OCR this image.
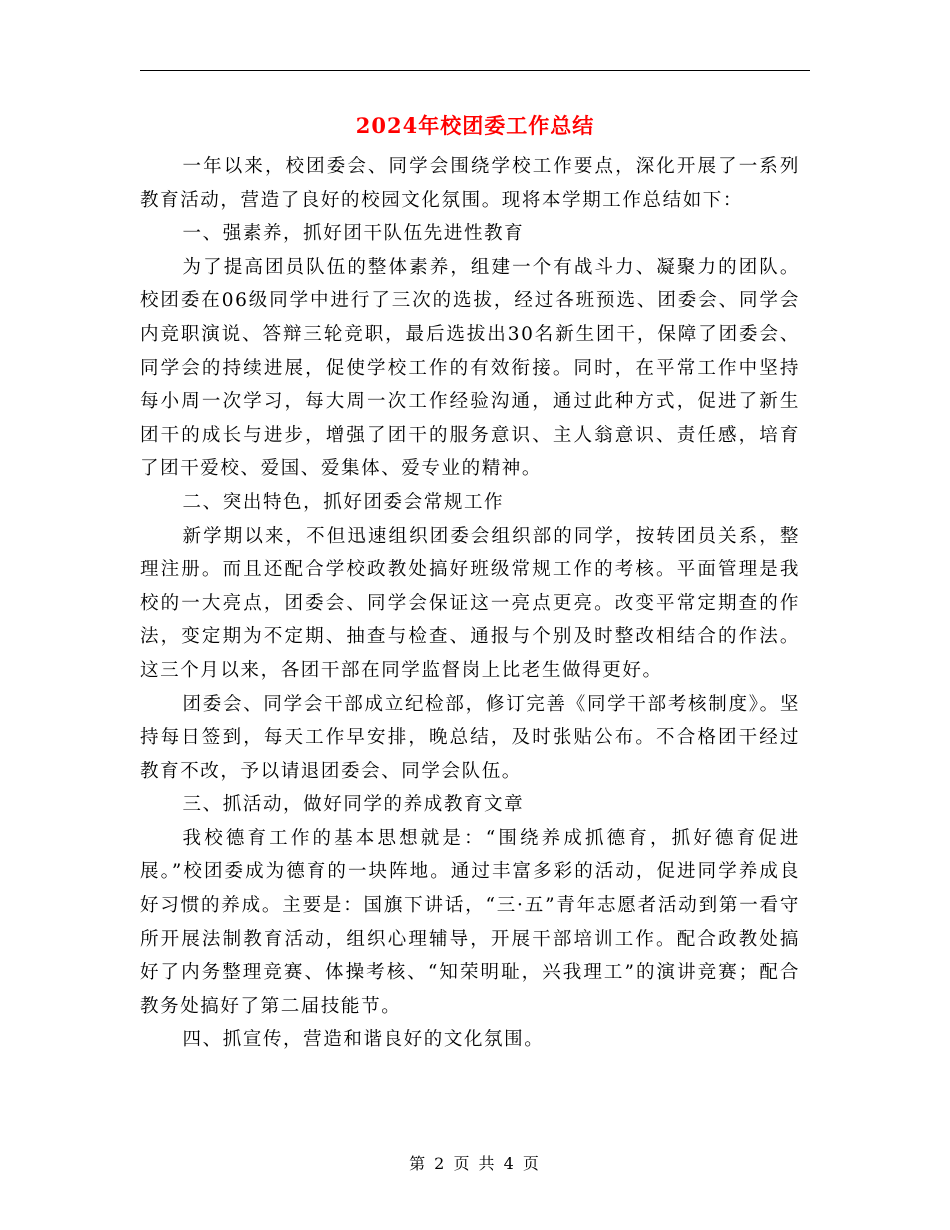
2024年校团委工作总结

一年以来，校团委会、同学会围绕学校工作要点，深化开展了一系列教育活动，营造了良好的校园文化氛围。现将本学期工作总结如下：

一、强素养，抓好团干队伍先进性教育

为了提高团员队伍的整体素养，组建一个有战斗力、凝聚力的团队。校团委在06级同学中进行了三次的选拔，经过各班预选、团委会、同学会内竞职演说、答辩三轮竞职，最后选拔出30名新生团干，保障了团委会、同学会的持续进展，促使学校工作的有效衔接。同时，在平常工作中坚持每小周一次学习，每大周一次工作经验沟通，通过此种方式，促进了新生团干的成长与进步，增强了团干的服务意识、主人翁意识、责任感，培育了团干爱校、爱国、爱集体、爱专业的精神。

二、突出特色，抓好团委会常规工作

新学期以来，不但迅速组织团委会组织部的同学，按转团员关系，整理注册。而且还配合学校政教处搞好班级常规工作的考核。平面管理是我校的一大亮点，团委会、同学会保证这一亮点更亮。改变平常定期查的作法，变定期为不定期、抽查与检查、通报与个别及时整改相结合的作法。这三个月以来，各团干部在同学监督岗上比老生做得更好。

团委会、同学会干部成立纪检部，修订完善《同学干部考核制度》。坚持每日签到，每天工作早安排，晚总结，及时张贴公布。不合格团干经过教育不改，予以请退团委会、同学会队伍。

三、抓活动，做好同学的养成教育文章

我校德育工作的基本思想就是：“围绕养成抓德育，抓好德育促进展。”校团委成为德育的一块阵地。通过丰富多彩的活动，促进同学养成良好习惯的养成。主要是：国旗下讲话，“三·五”青年志愿者活动到第一看守所开展法制教育活动，组织心理辅导，开展干部培训工作。配合政教处搞好了内务整理竞赛、体操考核、“知荣明耻，兴我理工”的演讲竞赛；配合教务处搞好了第二届技能节。

四、抓宣传，营造和谐良好的文化氛围。

第 2 页 共 4 页
